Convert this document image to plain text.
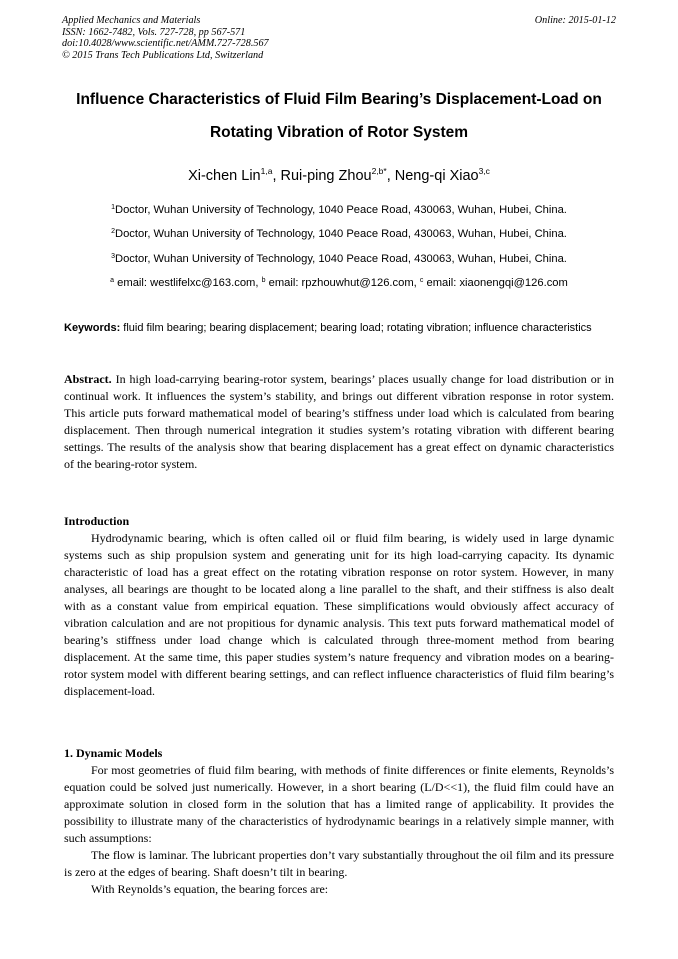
Applied Mechanics and Materials
ISSN: 1662-7482, Vols. 727-728, pp 567-571
doi:10.4028/www.scientific.net/AMM.727-728.567
© 2015 Trans Tech Publications Ltd, Switzerland
Online: 2015-01-12
Influence Characteristics of Fluid Film Bearing’s Displacement-Load on
Rotating Vibration of Rotor System
Xi-chen Lin$^{1,a}$, Rui-ping Zhou$^{2,b*}$, Neng-qi Xiao$^{3,c}$
$^1$Doctor, Wuhan University of Technology, 1040 Peace Road, 430063, Wuhan, Hubei, China.
$^2$Doctor, Wuhan University of Technology, 1040 Peace Road, 430063, Wuhan, Hubei, China.
$^3$Doctor, Wuhan University of Technology, 1040 Peace Road, 430063, Wuhan, Hubei, China.
$^a$ email: westlifelxc@163.com, $^b$ email: rpzhouwhut@126.com, $^c$ email: xiaonengqi@126.com
Keywords: fluid film bearing; bearing displacement; bearing load; rotating vibration; influence characteristics
Abstract. In high load-carrying bearing-rotor system, bearings’ places usually change for load distribution or in continual work. It influences the system’s stability, and brings out different vibration response in rotor system. This article puts forward mathematical model of bearing’s stiffness under load which is calculated from bearing displacement. Then through numerical integration it studies system’s rotating vibration with different bearing settings. The results of the analysis show that bearing displacement has a great effect on dynamic characteristics of the bearing-rotor system.
Introduction

Hydrodynamic bearing, which is often called oil or fluid film bearing, is widely used in large dynamic systems such as ship propulsion system and generating unit for its high load-carrying capacity. Its dynamic characteristic of load has a great effect on the rotating vibration response on rotor system. However, in many analyses, all bearings are thought to be located along a line parallel to the shaft, and their stiffness is also dealt with as a constant value from empirical equation. These simplifications would obviously affect accuracy of vibration calculation and are not propitious for dynamic analysis. This text puts forward mathematical model of bearing’s stiffness under load change which is calculated through three-moment method from bearing displacement. At the same time, this paper studies system’s nature frequency and vibration modes on a bearing-rotor system model with different bearing settings, and can reflect influence characteristics of fluid film bearing’s displacement-load.

1. Dynamic Models

For most geometries of fluid film bearing, with methods of finite differences or finite elements, Reynolds’s equation could be solved just numerically. However, in a short bearing (L/D<<1), the fluid film could have an approximate solution in closed form in the solution that has a limited range of applicability. It provides the possibility to illustrate many of the characteristics of hydrodynamic bearings in a relatively simple manner, with such assumptions:

The flow is laminar. The lubricant properties don’t vary substantially throughout the oil film and its pressure is zero at the edges of bearing. Shaft doesn’t tilt in bearing.

With Reynolds’s equation, the bearing forces are:
